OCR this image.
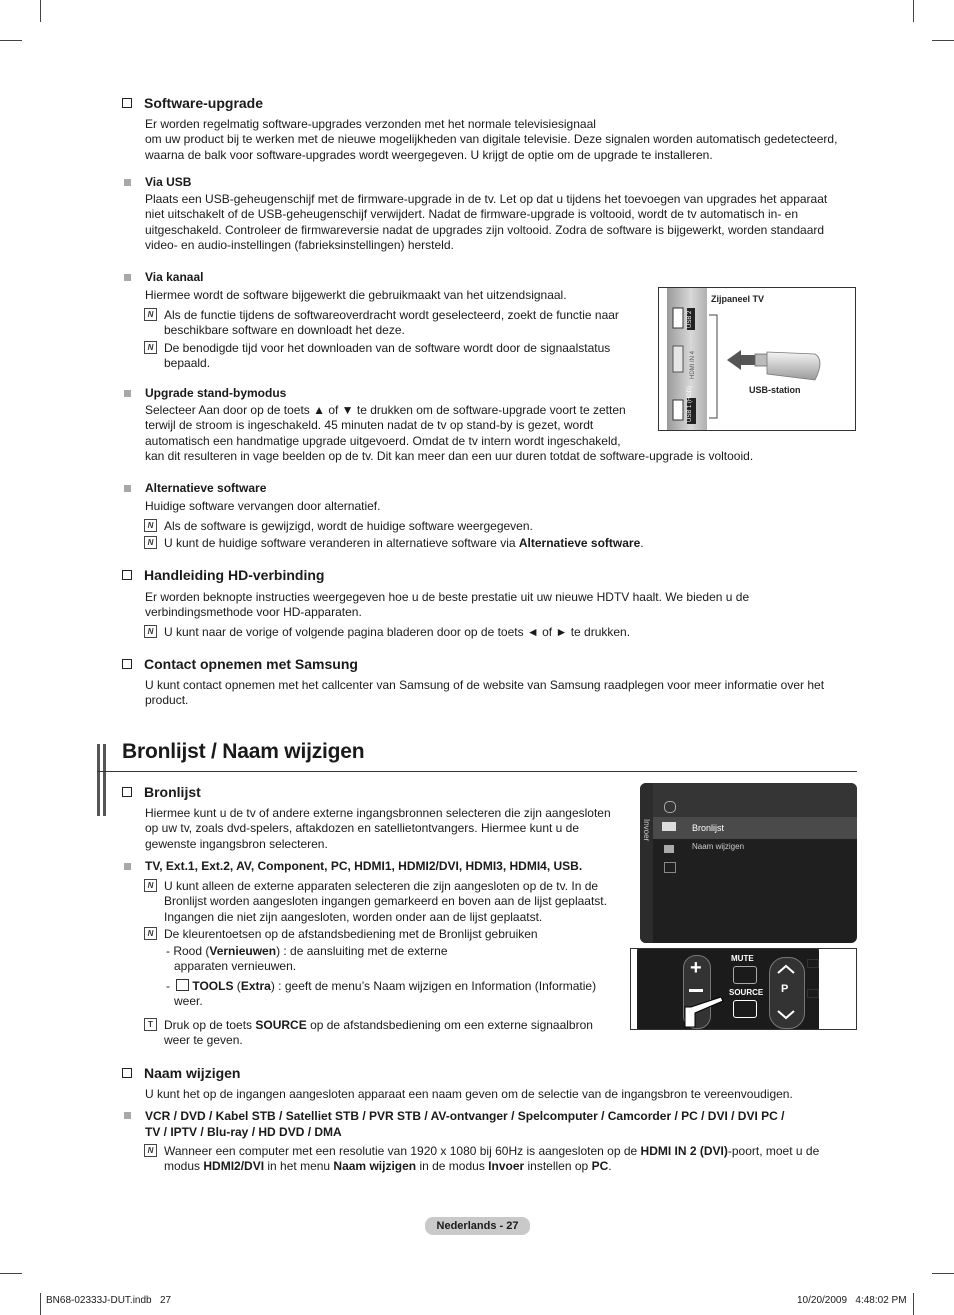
Software-upgrade
Er worden regelmatig software-upgrades verzonden met het normale televisiesignaal
om uw product bij te werken met de nieuwe mogelijkheden van digitale televisie. Deze signalen worden automatisch gedetecteerd,
waarna de balk voor software-upgrades wordt weergegeven. U krijgt de optie om de upgrade te installeren.
Via USB
Plaats een USB-geheugenschijf met de firmware-upgrade in de tv. Let op dat u tijdens het toevoegen van upgrades het apparaat
niet uitschakelt of de USB-geheugenschijf verwijdert. Nadat de firmware-upgrade is voltooid, wordt de tv automatisch in- en
uitgeschakeld. Controleer de firmwareversie nadat de upgrades zijn voltooid. Zodra de software is bijgewerkt, worden standaard
video- en audio-instellingen (fabrieksinstellingen) hersteld.
Via kanaal
Hiermee wordt de software bijgewerkt die gebruikmaakt van het uitzendsignaal.
N Als de functie tijdens de softwareoverdracht wordt geselecteerd, zoekt de functie naar
beschikbare software en downloadt het deze.
N De benodigde tijd voor het downloaden van de software wordt door de signaalstatus
bepaald.
Zijpaneel TV
USB-station
USB 2
HDMI IN 4
USB 1 (HDD)
Upgrade stand-bymodus
Selecteer Aan door op de toets ▲ of ▼ te drukken om de software-upgrade voort te zetten
terwijl de stroom is ingeschakeld. 45 minuten nadat de tv op stand-by is gezet, wordt
automatisch een handmatige upgrade uitgevoerd. Omdat de tv intern wordt ingeschakeld,
kan dit resulteren in vage beelden op de tv. Dit kan meer dan een uur duren totdat de software-upgrade is voltooid.
Alternatieve software
Huidige software vervangen door alternatief.
N Als de software is gewijzigd, wordt de huidige software weergegeven.
N U kunt de huidige software veranderen in alternatieve software via Alternatieve software.
Handleiding HD-verbinding
Er worden beknopte instructies weergegeven hoe u de beste prestatie uit uw nieuwe HDTV haalt. We bieden u de
verbindingsmethode voor HD-apparaten.
N U kunt naar de vorige of volgende pagina bladeren door op de toets ◄ of ► te drukken.
Contact opnemen met Samsung
U kunt contact opnemen met het callcenter van Samsung of de website van Samsung raadplegen voor meer informatie over het
product.
Bronlijst / Naam wijzigen
Bronlijst
Hiermee kunt u de tv of andere externe ingangsbronnen selecteren die zijn aangesloten
op uw tv, zoals dvd-spelers, aftakdozen en satellietontvangers. Hiermee kunt u de
gewenste ingangsbron selecteren.
TV, Ext.1, Ext.2, AV, Component, PC, HDMI1, HDMI2/DVI, HDMI3, HDMI4, USB.
N U kunt alleen de externe apparaten selecteren die zijn aangesloten op de tv. In de
Bronlijst worden aangesloten ingangen gemarkeerd en boven aan de lijst geplaatst.
Ingangen die niet zijn aangesloten, worden onder aan de lijst geplaatst.
N De kleurentoetsen op de afstandsbediening met de Bronlijst gebruiken
- Rood (Vernieuwen) : de aansluiting met de externe
apparaten vernieuwen.
- TOOLS (Extra) : geeft de menu’s Naam wijzigen en Information (Informatie)
weer.
T Druk op de toets SOURCE op de afstandsbediening om een externe signaalbron
weer te geven.
Invoer	Bronlijst
Naam wijzigen
+	MUTE
SOURCE P
Naam wijzigen
U kunt het op de ingangen aangesloten apparaat een naam geven om de selectie van de ingangsbron te vereenvoudigen.
VCR / DVD / Kabel STB / Satelliet STB / PVR STB / AV-ontvanger / Spelcomputer / Camcorder / PC / DVI / DVI PC /
TV / IPTV / Blu-ray / HD DVD / DMA
N Wanneer een computer met een resolutie van 1920 x 1080 bij 60Hz is aangesloten op de HDMI IN 2 (DVI)-poort, moet u de
modus HDMI2/DVI in het menu Naam wijzigen in de modus Invoer instellen op PC.
Nederlands - 27
BN68-02333J-DUT.indb   27	10/20/2009 4:48:02 PM
